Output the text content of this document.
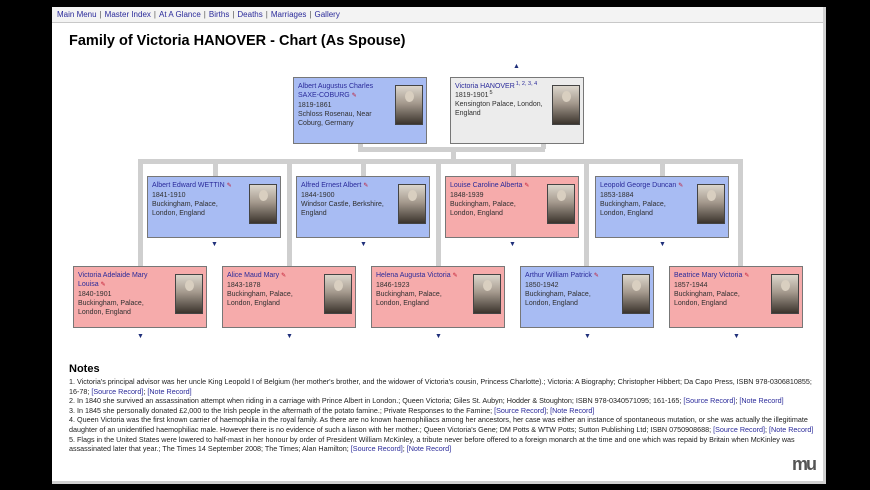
Main Menu | Master Index | At A Glance | Births | Deaths | Marriages | Gallery
Family of Victoria HANOVER - Chart (As Spouse)
▲
Albert Augustus Charles SAXE-COBURG ✎
1819-1861
Schloss Rosenau, Near Coburg, Germany
Victoria HANOVER$^{1, 2, 3, 4}$
1819-1901$^5$
Kensington Palace, London, England
Albert Edward WETTIN ✎
1841-1910
Buckingham, Palace, London, England
▼
Alfred Ernest Albert ✎
1844-1900
Windsor Castle, Berkshire, England
▼
Louise Caroline Alberta ✎
1848-1939
Buckingham, Palace, London, England
▼
Leopold George Duncan ✎
1853-1884
Buckingham, Palace, London, England
▼
Victoria Adelaide Mary Louisa ✎
1840-1901
Buckingham, Palace, London, England
▼
Alice Maud Mary ✎
1843-1878
Buckingham, Palace, London, England
▼
Helena Augusta Victoria ✎
1846-1923
Buckingham, Palace, London, England
▼
Arthur William Patrick ✎
1850-1942
Buckingham, Palace, London, England
▼
Beatrice Mary Victoria ✎
1857-1944
Buckingham, Palace, London, England
▼
Notes

1. Victoria's principal advisor was her uncle King Leopold I of Belgium (her mother's brother, and the widower of Victoria's cousin, Princess Charlotte).; Victoria: A Biography; Christopher Hibbert; Da Capo Press, ISBN 978-0306810855; 16-78; [Source Record]; [Note Record]

2. In 1840 she survived an assassination attempt when riding in a carriage with Prince Albert in London.; Queen Victoria; Giles St. Aubyn; Hodder & Stoughton; ISBN 978-0340571095; 161-165; [Source Record]; [Note Record]

3. In 1845 she personally donated £2,000 to the Irish people in the aftermath of the potato famine.; Private Responses to the Famine; [Source Record]; [Note Record]

4. Queen Victoria was the first known carrier of haemophilia in the royal family. As there are no known haemophiliacs among her ancestors, her case was either an instance of spontaneous mutation, or she was actually the illegitimate daughter of an unidentified haemophiliac male. However there is no evidence of such a liason with her mother.; Queen Victoria's Gene; DM Potts & WTW Potts; Sutton Publishing Ltd; ISBN 0750908688; [Source Record]; [Note Record]

5. Flags in the United States were lowered to half-mast in her honour by order of President William McKinley, a tribute never before offered to a foreign monarch at the time and one which was repaid by Britain when McKinley was assassinated later that year.; The Times 14 September 2008; The Times; Alan Hamilton; [Source Record]; [Note Record]

mu
